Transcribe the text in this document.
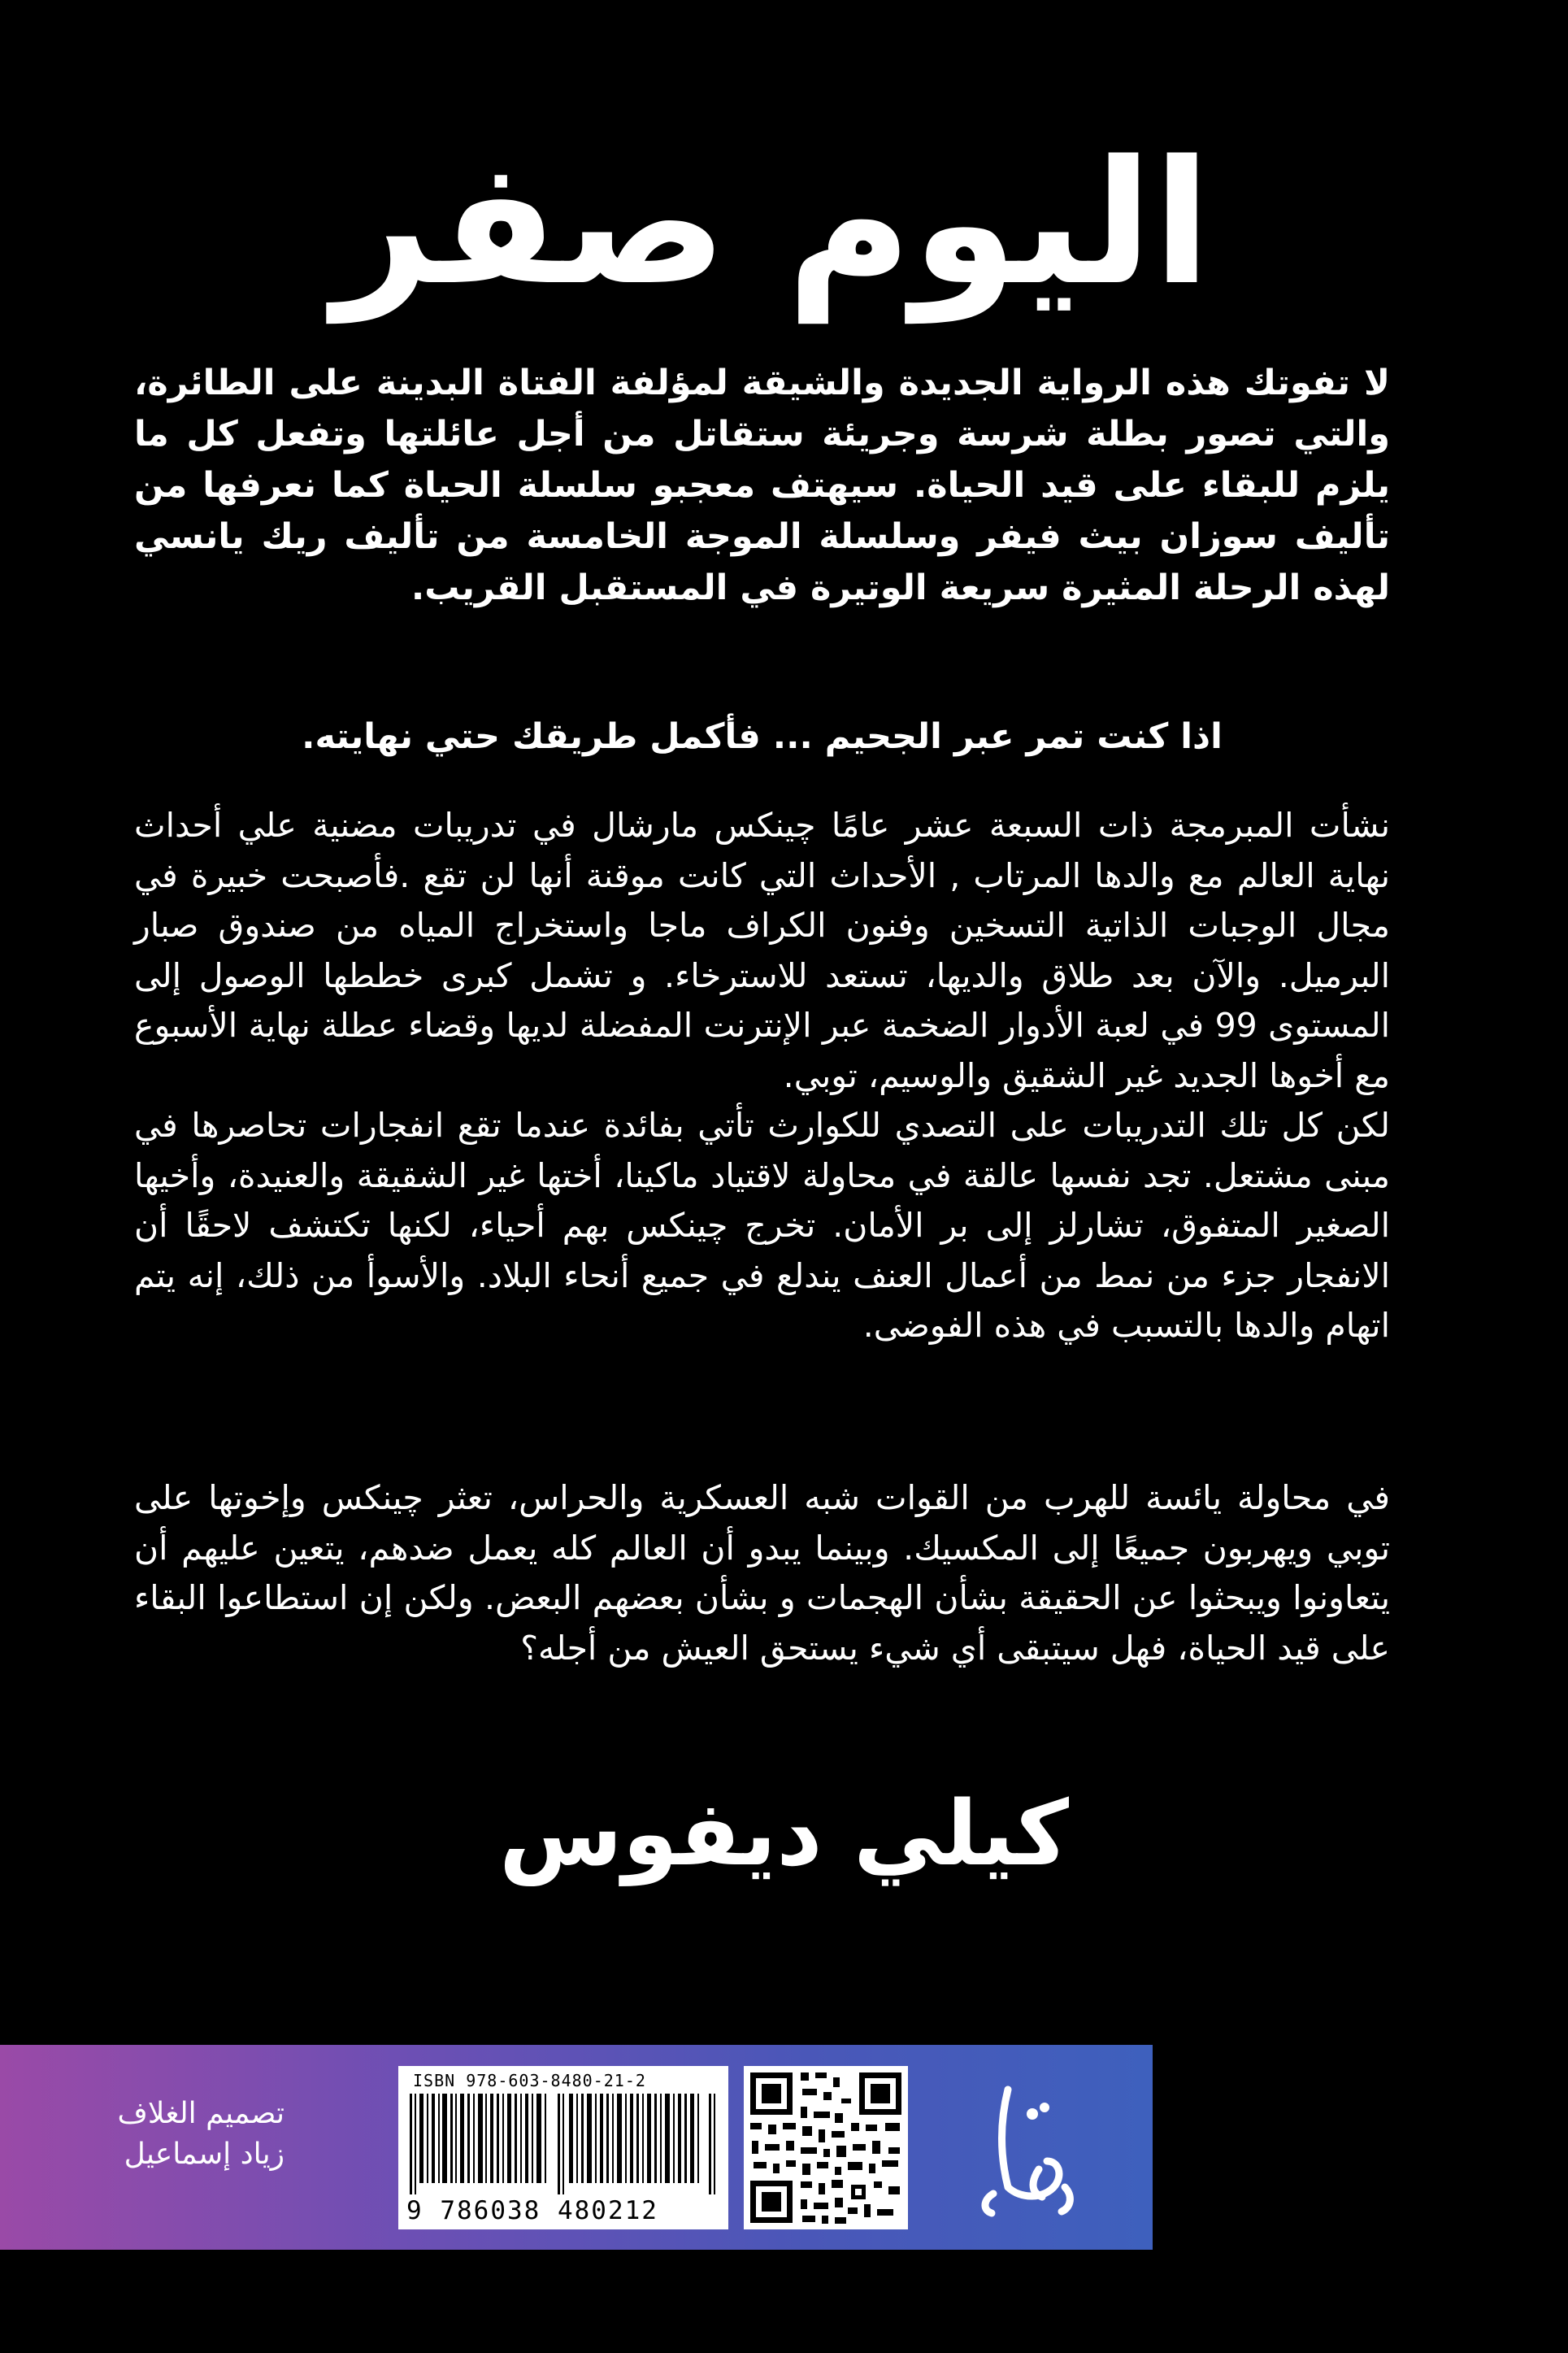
اليوم صفر
لا تفوتك هذه الرواية الجديدة والشيقة لمؤلفة الفتاة البدينة على الطائرة، والتي تصور بطلة شرسة وجريئة ستقاتل من أجل عائلتها وتفعل كل ما يلزم للبقاء على قيد الحياة. سيهتف معجبو سلسلة الحياة كما نعرفها من تأليف سوزان بيث فيفر وسلسلة الموجة الخامسة من تأليف ريك يانسي لهذه الرحلة المثيرة سريعة الوتيرة في المستقبل القريب.
اذا كنت تمر عبر الجحيم ... فأكمل طريقك حتي نهايته.
نشأت المبرمجة ذات السبعة عشر عامًا چينكس مارشال في تدريبات مضنية علي أحداث نهاية العالم مع والدها المرتاب , الأحداث التي كانت موقنة أنها لن تقع .فأصبحت خبيرة في مجال الوجبات الذاتية التسخين وفنون الكراف ماجا واستخراج المياه من صندوق صبار البرميل. والآن بعد طلاق والديها، تستعد للاسترخاء. و تشمل كبرى خططها الوصول إلى المستوى 99 في لعبة الأدوار الضخمة عبر الإنترنت المفضلة لديها وقضاء عطلة نهاية الأسبوع مع أخوها الجديد غير الشقيق والوسيم، توبي.
لكن كل تلك التدريبات على التصدي للكوارث تأتي بفائدة عندما تقع انفجارات تحاصرها في مبنى مشتعل. تجد نفسها عالقة في محاولة لاقتياد ماكينا، أختها غير الشقيقة والعنيدة، وأخيها الصغير المتفوق، تشارلز إلى بر الأمان. تخرج چينكس بهم أحياء، لكنها تكتشف لاحقًا أن الانفجار جزء من نمط من أعمال العنف يندلع في جميع أنحاء البلاد. والأسوأ من ذلك، إنه يتم اتهام والدها بالتسبب في هذه الفوضى.
في محاولة يائسة للهرب من القوات شبه العسكرية والحراس، تعثر چينكس وإخوتها على توبي ويهربون جميعًا إلى المكسيك. وبينما يبدو أن العالم كله يعمل ضدهم، يتعين عليهم أن يتعاونوا ويبحثوا عن الحقيقة بشأن الهجمات و بشأن بعضهم البعض. ولكن إن استطاعوا البقاء على قيد الحياة، فهل سيتبقى أي شيء يستحق العيش من أجله؟
كيلي ديفوس
تصميم الغلاف
زياد إسماعيل
ISBN 978-603-8480-21-2
9 786038 480212
